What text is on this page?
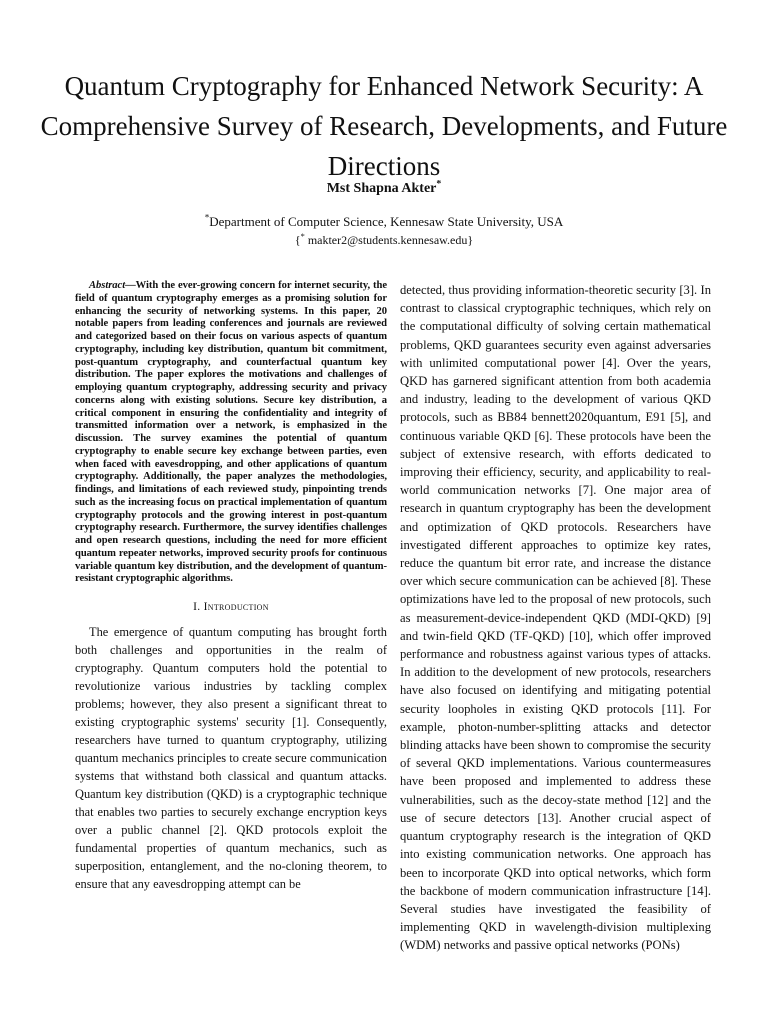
Quantum Cryptography for Enhanced Network Security: A Comprehensive Survey of Research, Developments, and Future Directions
Mst Shapna Akter*
*Department of Computer Science, Kennesaw State University, USA
{* makter2@students.kennesaw.edu}

Abstract—With the ever-growing concern for internet security, the field of quantum cryptography emerges as a promising solution for enhancing the security of networking systems. In this paper, 20 notable papers from leading conferences and journals are reviewed and categorized based on their focus on various aspects of quantum cryptography, including key distribution, quantum bit commitment, post-quantum cryptography, and counterfactual quantum key distribution. The paper explores the motivations and challenges of employing quantum cryptography, addressing security and privacy concerns along with existing solutions. Secure key distribution, a critical component in ensuring the confidentiality and integrity of transmitted information over a network, is emphasized in the discussion. The survey examines the potential of quantum cryptography to enable secure key exchange between parties, even when faced with eavesdropping, and other applications of quantum cryptography. Additionally, the paper analyzes the methodologies, findings, and limitations of each reviewed study, pinpointing trends such as the increasing focus on practical implementation of quantum cryptography protocols and the growing interest in post-quantum cryptography research. Furthermore, the survey identifies challenges and open research questions, including the need for more efficient quantum repeater networks, improved security proofs for continuous variable quantum key distribution, and the development of quantum-resistant cryptographic algorithms.

I. Introduction

The emergence of quantum computing has brought forth both challenges and opportunities in the realm of cryptography. Quantum computers hold the potential to revolutionize various industries by tackling complex problems; however, they also present a significant threat to existing cryptographic systems' security [1]. Consequently, researchers have turned to quantum cryptography, utilizing quantum mechanics principles to create secure communication systems that withstand both classical and quantum attacks. Quantum key distribution (QKD) is a cryptographic technique that enables two parties to securely exchange encryption keys over a public channel [2]. QKD protocols exploit the fundamental properties of quantum mechanics, such as superposition, entanglement, and the no-cloning theorem, to ensure that any eavesdropping attempt can be

detected, thus providing information-theoretic security [3]. In contrast to classical cryptographic techniques, which rely on the computational difficulty of solving certain mathematical problems, QKD guarantees security even against adversaries with unlimited computational power [4]. Over the years, QKD has garnered significant attention from both academia and industry, leading to the development of various QKD protocols, such as BB84 bennett2020quantum, E91 [5], and continuous variable QKD [6]. These protocols have been the subject of extensive research, with efforts dedicated to improving their efficiency, security, and applicability to real-world communication networks [7]. One major area of research in quantum cryptography has been the development and optimization of QKD protocols. Researchers have investigated different approaches to optimize key rates, reduce the quantum bit error rate, and increase the distance over which secure communication can be achieved [8]. These optimizations have led to the proposal of new protocols, such as measurement-device-independent QKD (MDI-QKD) [9] and twin-field QKD (TF-QKD) [10], which offer improved performance and robustness against various types of attacks. In addition to the development of new protocols, researchers have also focused on identifying and mitigating potential security loopholes in existing QKD protocols [11]. For example, photon-number-splitting attacks and detector blinding attacks have been shown to compromise the security of several QKD implementations. Various countermeasures have been proposed and implemented to address these vulnerabilities, such as the decoy-state method [12] and the use of secure detectors [13]. Another crucial aspect of quantum cryptography research is the integration of QKD into existing communication networks. One approach has been to incorporate QKD into optical networks, which form the backbone of modern communication infrastructure [14]. Several studies have investigated the feasibility of implementing QKD in wavelength-division multiplexing (WDM) networks and passive optical networks (PONs)
